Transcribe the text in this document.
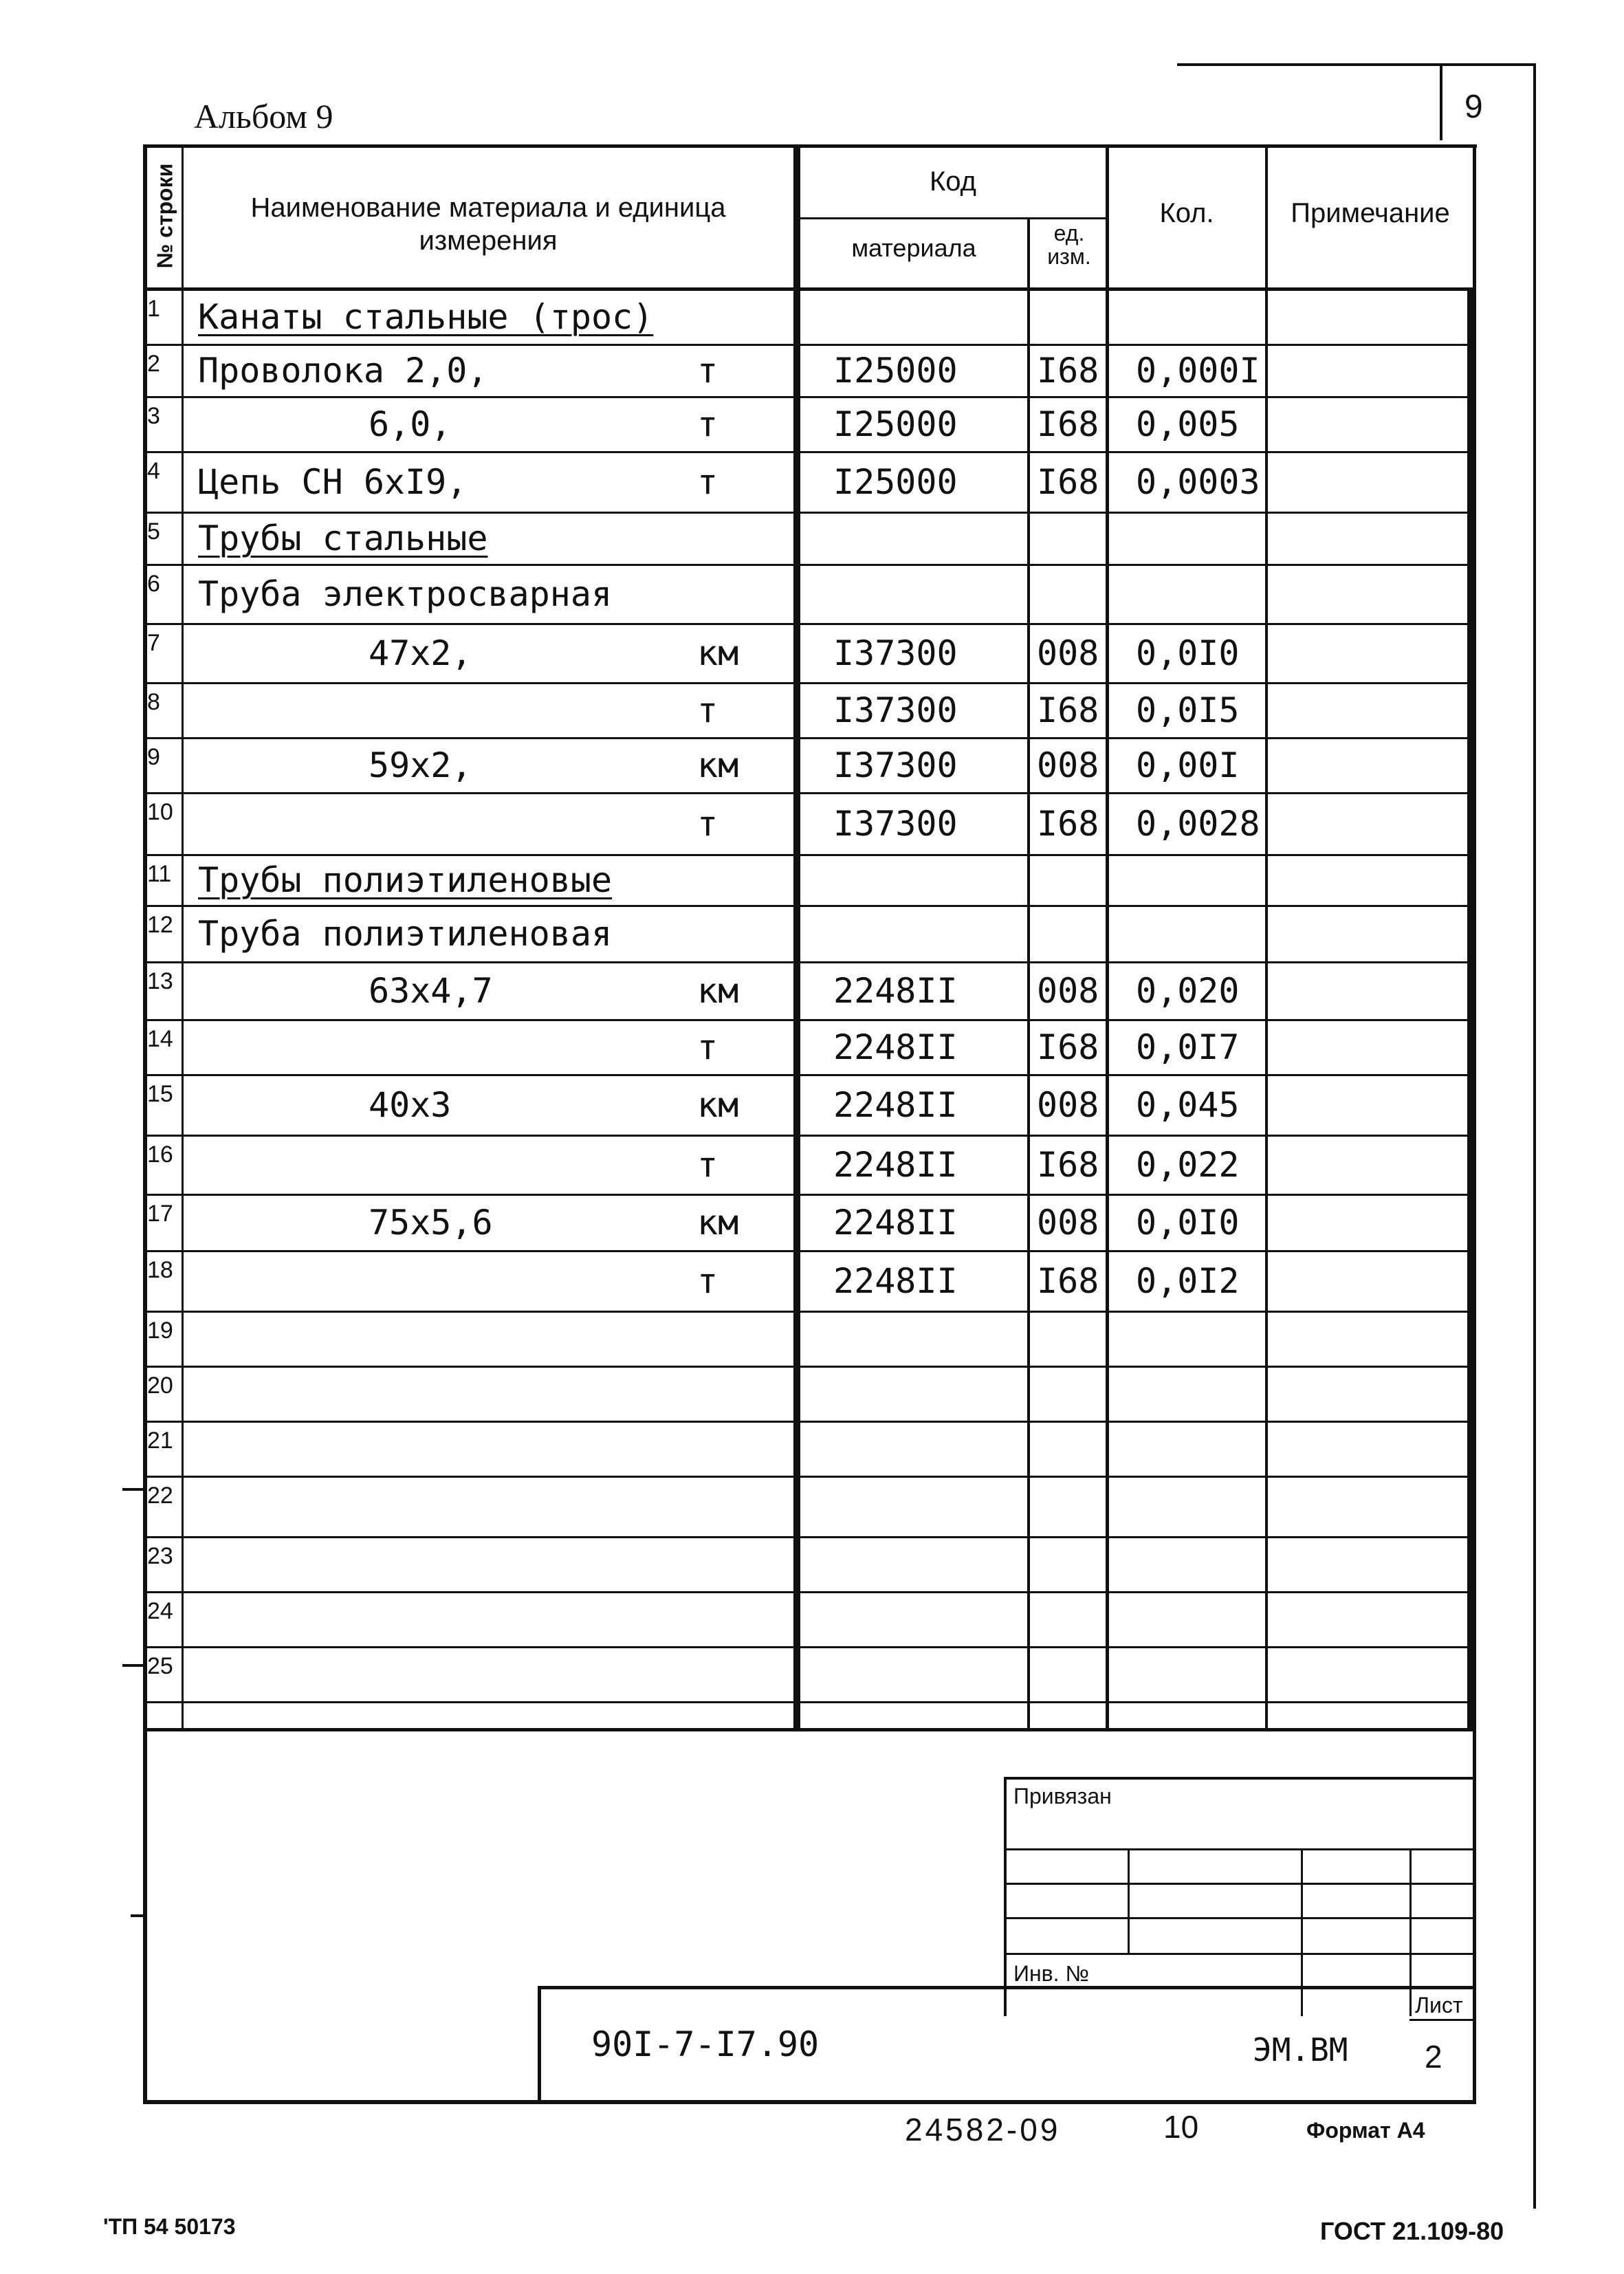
Альбом 9	9
№ строки	Наименование материала и единица измерения
Код
материала
ед. изм.
Кол.	Примечание
1	Канаты стальные (трос)
2	Проволока 2,0,	т	I25000 I68 0,000I
3	6,0,	т	I25000 I68 0,005
4	Цепь СН 6хI9,	т	I25000 I68 0,0003
5	Трубы стальные
6	Труба электросварная
7	47х2,	км	I37300 008 0,0I0
8	т	I37300 I68 0,0I5
9	59х2,	км	I37300 008 0,00I
10	т	I37300 I68 0,0028
11 Трубы полиэтиленовые
12 Труба полиэтиленовая
13	63х4,7	км	2248II 008 0,020
14	т	2248II I68 0,0I7
15	40х3	км	2248II 008 0,045
16	т	2248II I68 0,022
17	75х5,6	км	2248II 008 0,0I0
18	т	2248II I68 0,0I2
19
20
21
22
23
24
25
Привязан
Инв. №
Лист
2
90I-7-I7.90	ЭМ.ВМ
24582-09	10	Формат А4
'ТП 54 50173	ГОСТ 21.109-80
